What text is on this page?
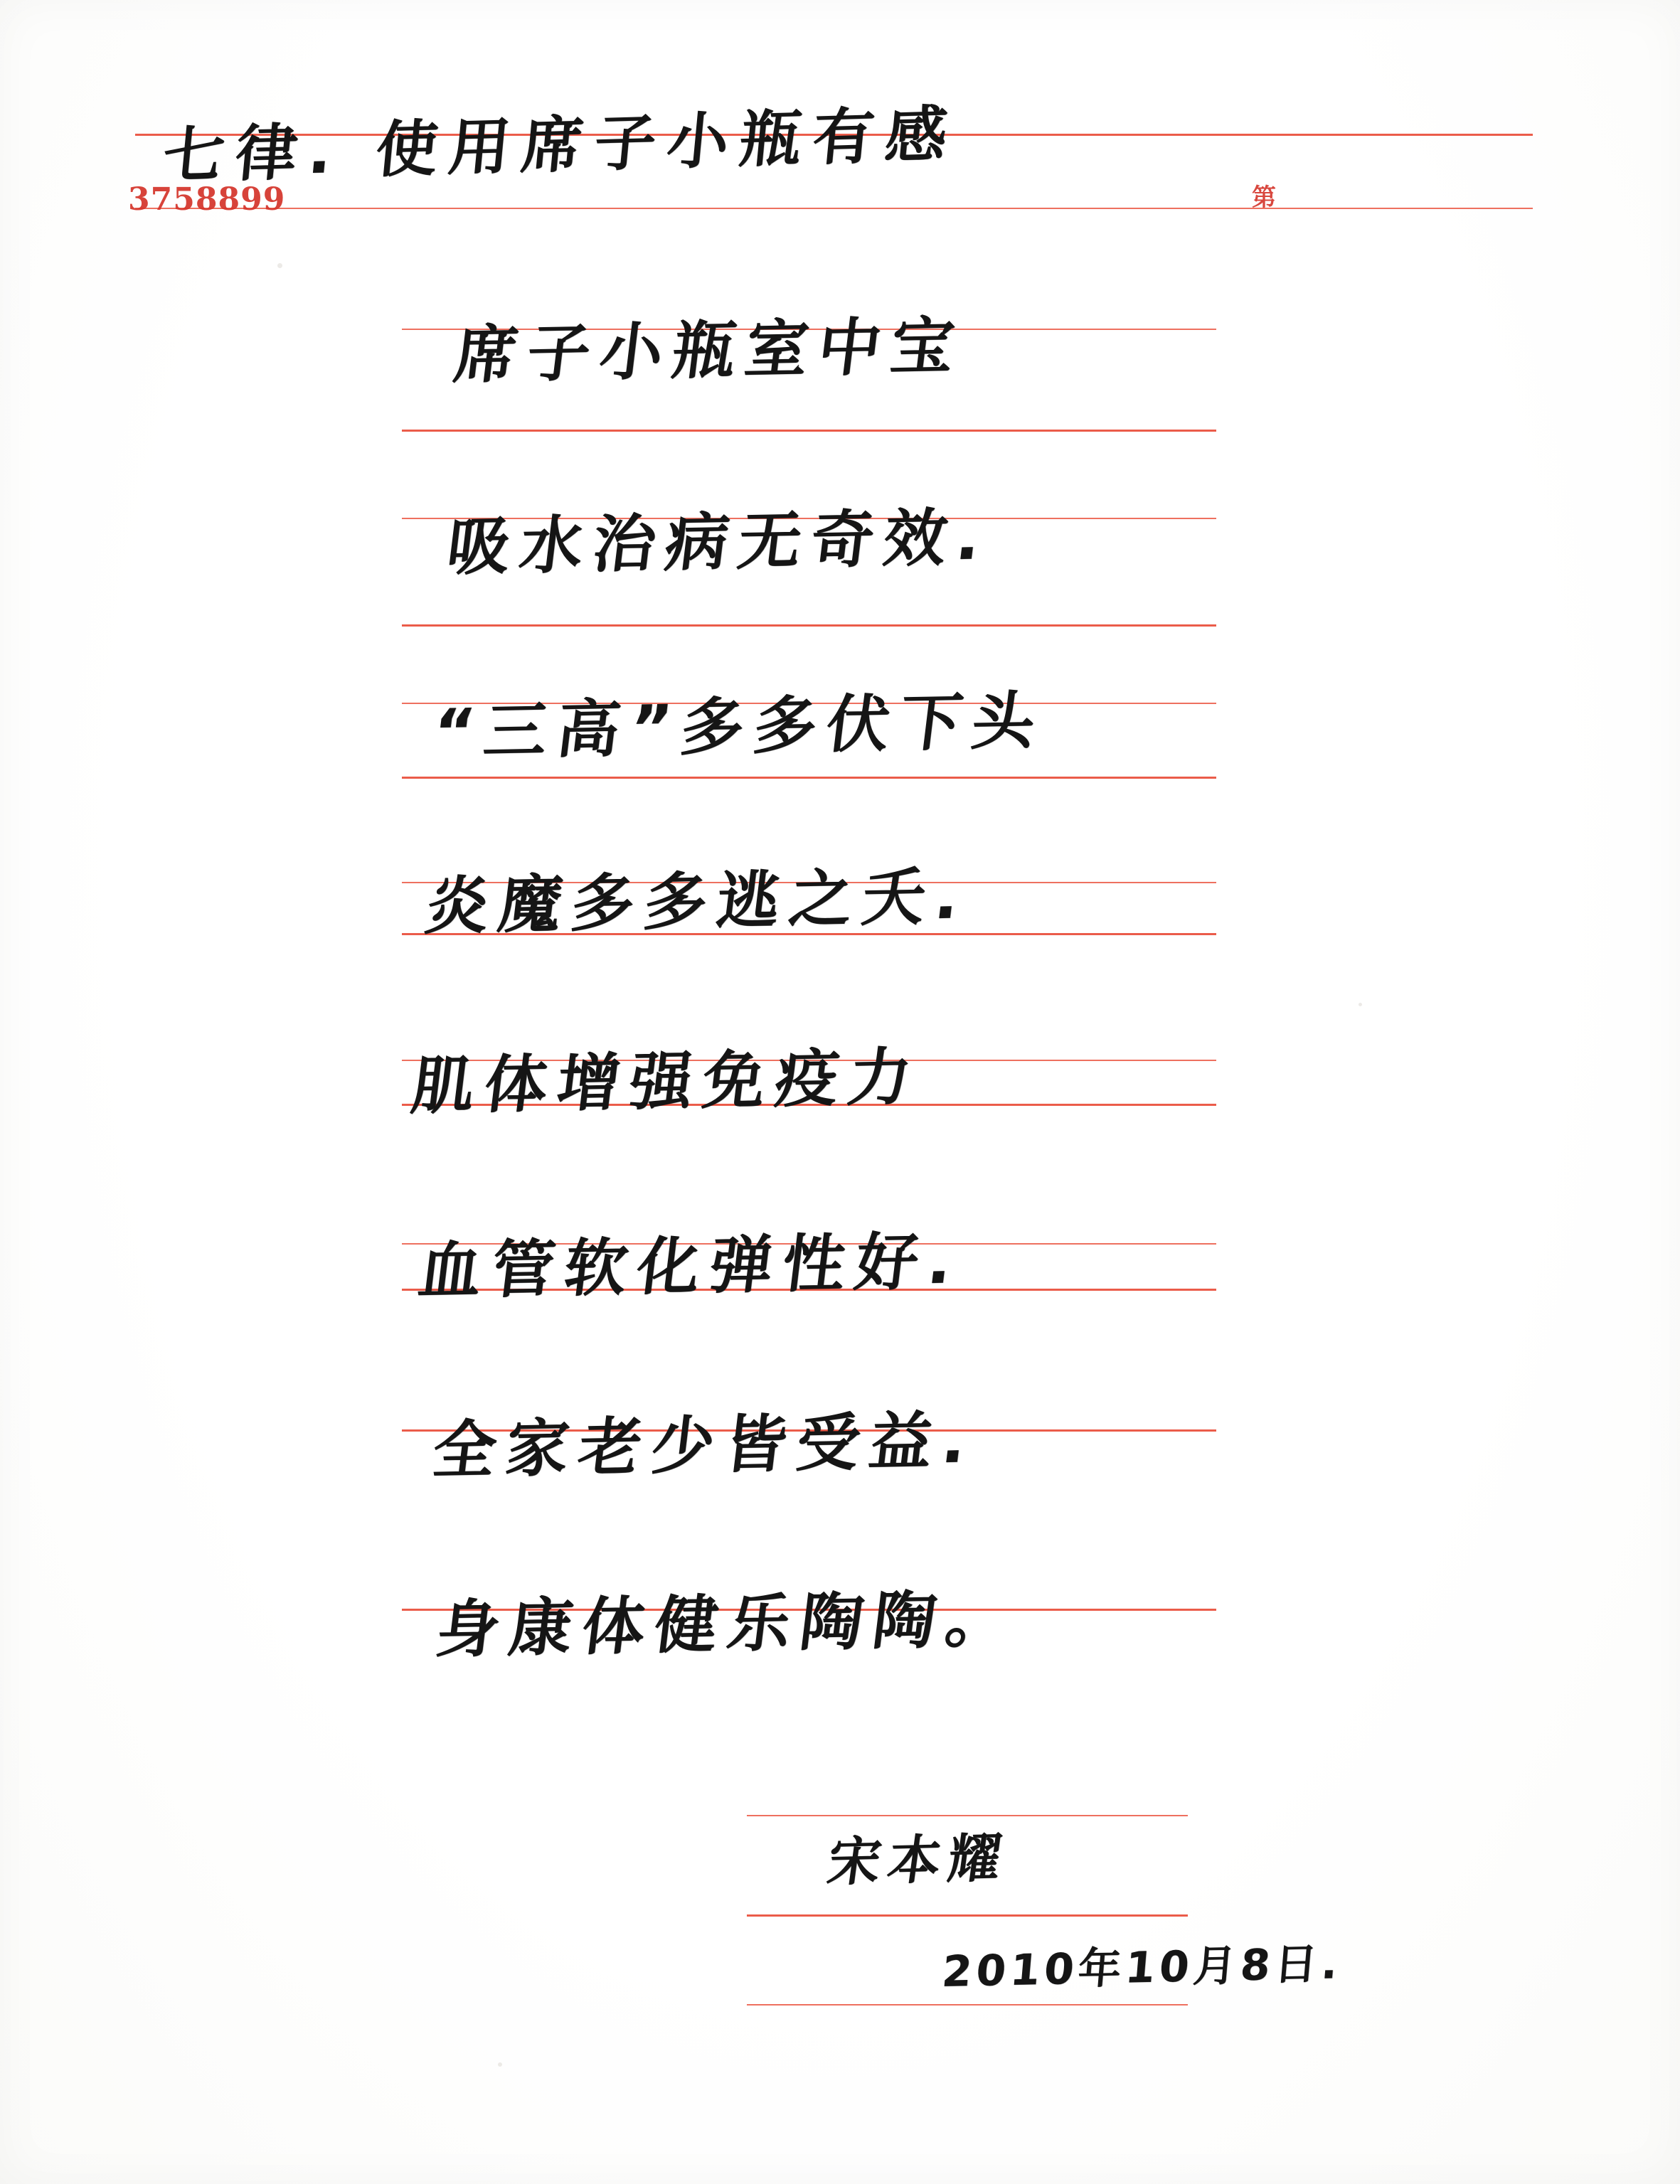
3758899	第
七律. 使用席子小瓶有感
席子小瓶室中宝
吸水治病无奇效.
“三高”多多伏下头
炎魔多多逃之夭.
肌体增强免疫力
血管软化弹性好.
全家老少皆受益.
身康体健乐陶陶。
宋本耀
2010年10月8日.
